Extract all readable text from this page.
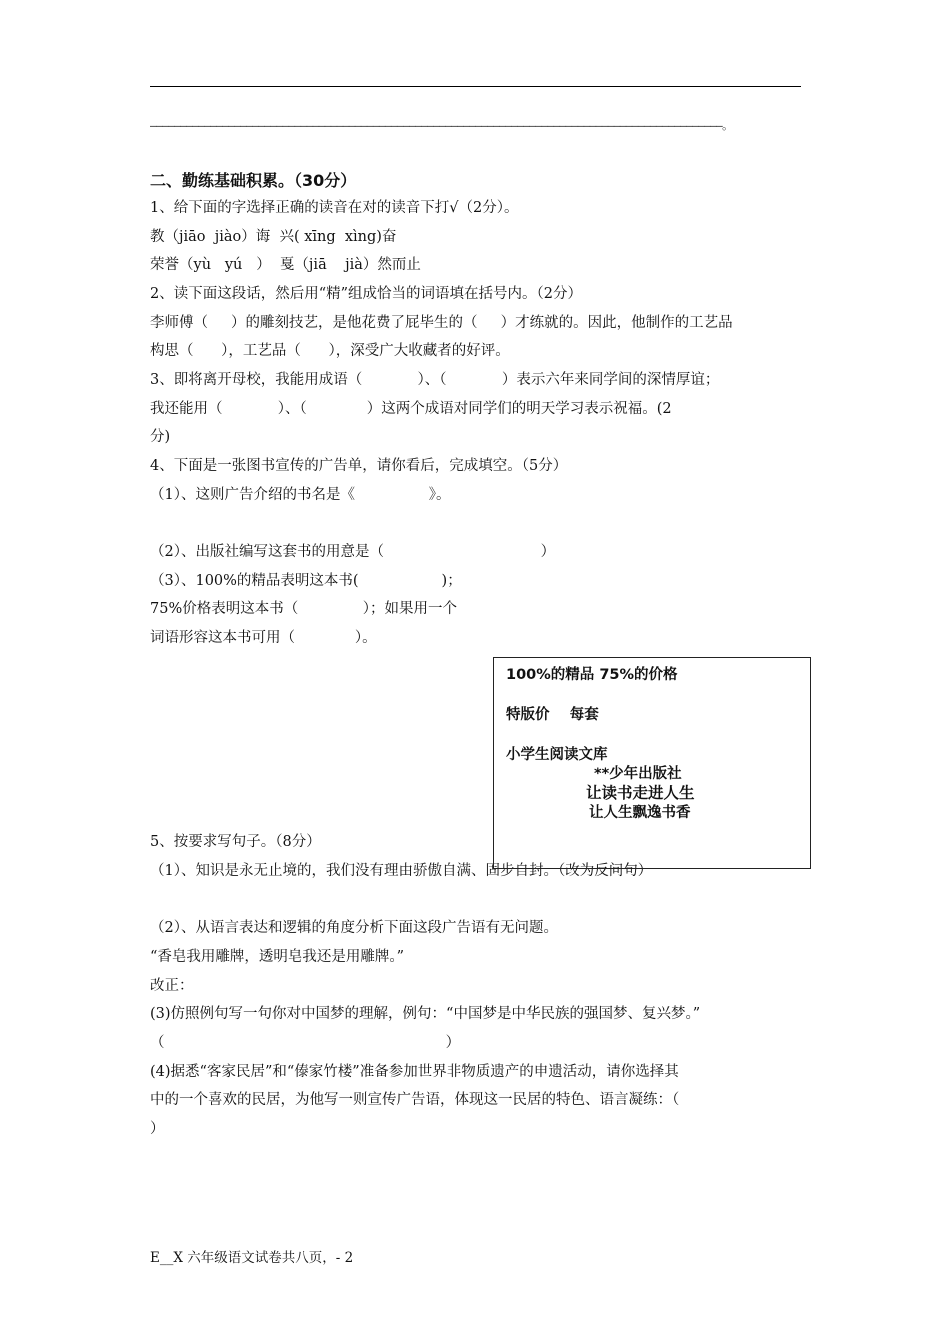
———————————————————————————————————————————————————————————————————————————————————————————————。
二、勤练基础积累。（30分）
1、给下面的字选择正确的读音在对的读音下打√（2分）。
教（jiāo  jiào）诲  兴( xīng  xìng)奋
荣誉（yù   yú   ）  戛（jiā    jià）然而止
2、读下面这段话，然后用“精”组成恰当的词语填在括号内。（2分）
李师傅（     ）的雕刻技艺，是他花费了屁毕生的（     ）才练就的。因此，他制作的工艺品
构思（      ），工艺品（      ），深受广大收藏者的好评。
3、即将离开母校，我能用成语（            ）、（            ）表示六年来同学间的深情厚谊；
我还能用（            ）、（             ）这两个成语对同学们的明天学习表示祝福。(2
分)
4、下面是一张图书宣传的广告单，请你看后，完成填空。（5分）
（1）、这则广告介绍的书名是《                》。
（2）、出版社编写这套书的用意是（                                  ）
（3）、100%的精品表明这本书(                  )；
75%价格表明这本书（              ）；如果用一个
词语形容这本书可用（             ）。
5、按要求写句子。（8分）
（1）、知识是永无止境的，我们没有理由骄傲自满、固步自封。（改为反问句）
100%的精品 75%的价格
特版价    每套
小学生阅读文库
**少年出版社
让读书走进人生
让人生飘逸书香
（2）、从语言表达和逻辑的角度分析下面这段广告语有无问题。
“香皂我用雕牌，透明皂我还是用雕牌。”
改正：
(3)仿照例句写一句你对中国梦的理解，例句：“中国梦是中华民族的强国梦、复兴梦。”
（                                                             ）
(4)据悉“客家民居”和“傣家竹楼”准备参加世界非物质遗产的申遗活动，请你选择其
中的一个喜欢的民居，为他写一则宣传广告语，体现这一民居的特色、语言凝练：（
）
E__X 六年级语文试卷共八页，- 2
